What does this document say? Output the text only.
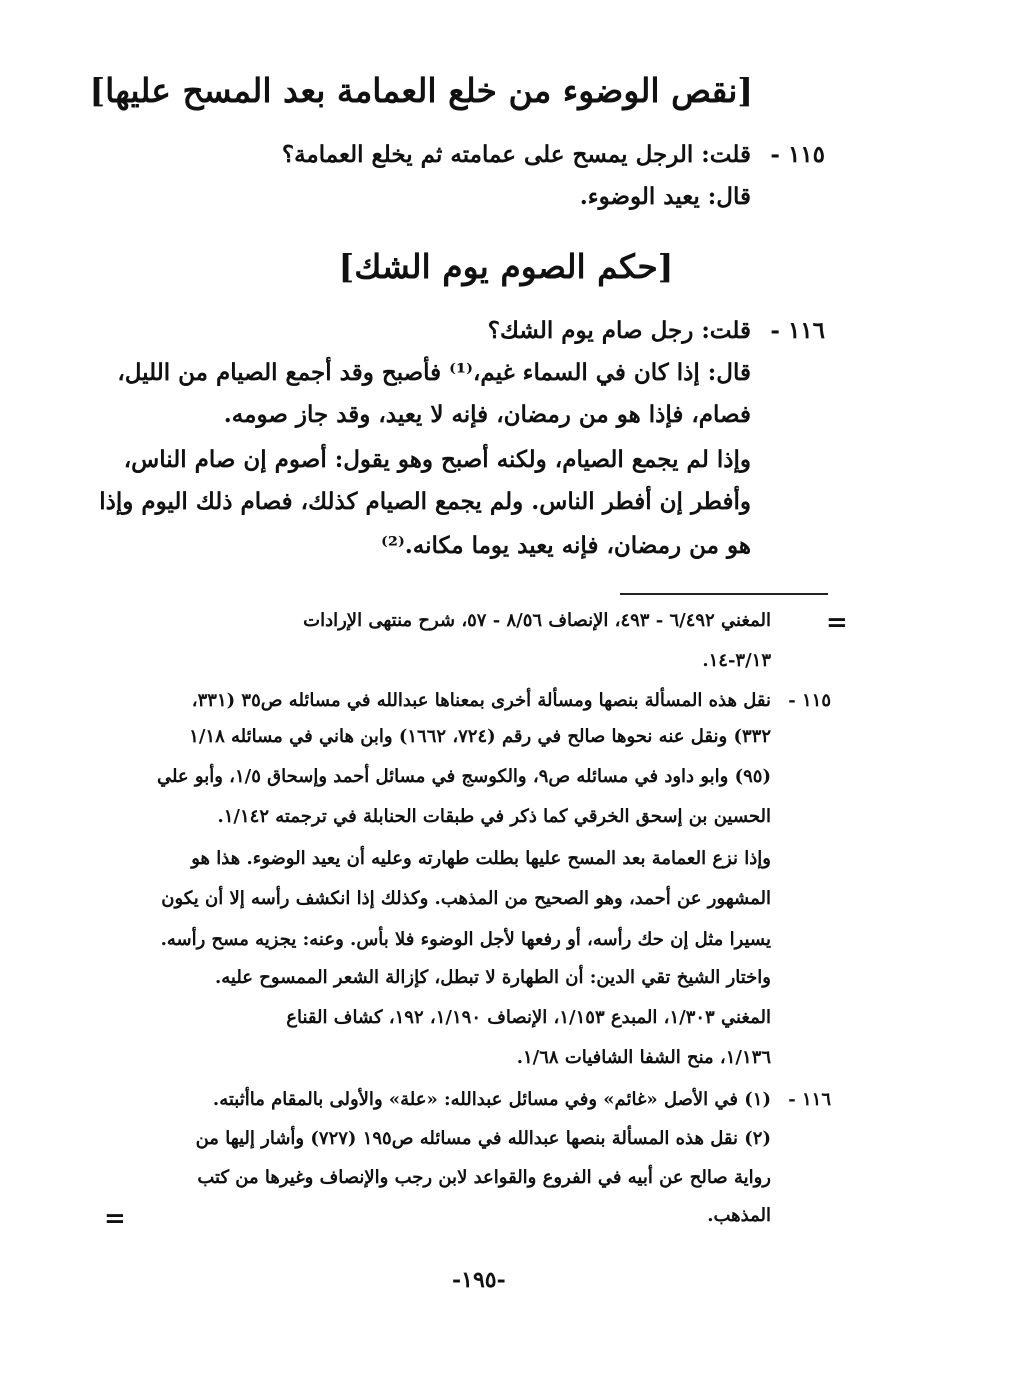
[نقص الوضوء من خلع العمامة بعد المسح عليها]
١١٥ -
قلت: الرجل يمسح على عمامته ثم يخلع العمامة؟
قال: يعيد الوضوء.
[حكم الصوم يوم الشك]
١١٦ -
قلت: رجل صام يوم الشك؟
قال: إذا كان في السماء غيم،⁽¹⁾ فأصبح وقد أجمع الصيام من الليل،
فصام، فإذا هو من رمضان، فإنه لا يعيد، وقد جاز صومه.
وإذا لم يجمع الصيام، ولكنه أصبح وهو يقول: أصوم إن صام الناس،
وأفطر إن أفطر الناس. ولم يجمع الصيام كذلك، فصام ذلك اليوم وإذا
هو من رمضان، فإنه يعيد يوما مكانه.⁽²⁾
=
المغني ٦/٤٩٢ - ٤٩٣، الإنصاف ٨/٥٦ - ٥٧، شرح منتهى الإرادات
٣/١٣-١٤.
١١٥ -
نقل هذه المسألة بنصها ومسألة أخرى بمعناها عبدالله في مسائله ص٣٥ (٣٣١،
٣٣٢) ونقل عنه نحوها صالح في رقم (٧٢٤، ١٦٦٢) وابن هاني في مسائله ١/١٨
(٩٥) وابو داود في مسائله ص٩، والكوسج في مسائل أحمد وإسحاق ١/٥، وأبو علي
الحسين بن إسحق الخرقي كما ذكر في طبقات الحنابلة في ترجمته ١/١٤٢.
وإذا نزع العمامة بعد المسح عليها بطلت طهارته وعليه أن يعيد الوضوء. هذا هو
المشهور عن أحمد، وهو الصحيح من المذهب. وكذلك إذا انكشف رأسه إلا أن يكون
يسيرا مثل إن حك رأسه، أو رفعها لأجل الوضوء فلا بأس. وعنه: يجزيه مسح رأسه.
واختار الشيخ تقي الدين: أن الطهارة لا تبطل، كإزالة الشعر الممسوح عليه.
المغني ١/٣٠٣، المبدع ١/١٥٣، الإنصاف ١/١٩٠، ١٩٢، كشاف القناع
١/١٣٦، منح الشفا الشافيات ١/٦٨.
١١٦ -
(١) في الأصل «غائم» وفي مسائل عبدالله: «علة» والأولى بالمقام ماأثبته.
(٢) نقل هذه المسألة بنصها عبدالله في مسائله ص١٩٥ (٧٢٧) وأشار إليها من
رواية صالح عن أبيه في الفروع والقواعد لابن رجب والإنصاف وغيرها من كتب
المذهب.
=
-١٩٥-
